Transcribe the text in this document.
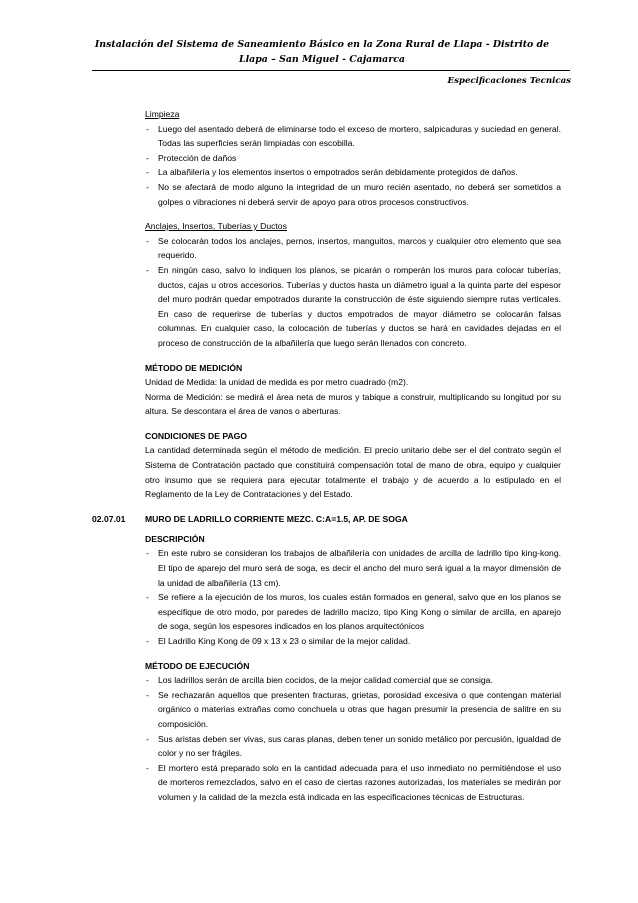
Instalación del Sistema de Saneamiento Básico en la Zona Rural de Llapa - Distrito de Llapa – San Miguel - Cajamarca
Especificaciones Tecnicas
Limpieza
- Luego del asentado deberá de eliminarse todo el exceso de mortero, salpicaduras y suciedad en general. Todas las superficies serán limpiadas con escobilla.
- Protección de daños
- La albañilería y los elementos insertos o empotrados serán debidamente protegidos de daños.
- No se afectará de modo alguno la integridad de un muro recién asentado, no deberá ser sometidos a golpes o vibraciones ni deberá servir de apoyo para otros procesos constructivos.
Anclajes, Insertos, Tuberías y Ductos
- Se colocarán todos los anclajes, pernos, insertos, manguitos, marcos y cualquier otro elemento que sea requerido.
- En ningún caso, salvo lo indiquen los planos, se picarán o romperán los muros para colocar tuberías, ductos, cajas u otros accesorios. Tuberías y ductos hasta un diámetro igual a la quinta parte del espesor del muro podrán quedar empotrados durante la construcción de éste siguiendo siempre rutas verticales. En caso de requerirse de tuberías y ductos empotrados de mayor diámetro se colocarán falsas columnas. En cualquier caso, la colocación de tuberías y ductos se hará en cavidades dejadas en el proceso de construcción de la albañilería que luego serán llenados con concreto.
MÉTODO DE MEDICIÓN

Unidad de Medida: la unidad de medida es por metro cuadrado (m2).

Norma de Medición: se medirá el área neta de muros y tabique a construir, multiplicando su longitud por su altura. Se descontara el área de vanos o aberturas.

CONDICIONES DE PAGO

La cantidad determinada según el método de medición. El precio unitario debe ser el del contrato según el Sistema de Contratación pactado que constituirá compensación total de mano de obra, equipo y cualquier otro insumo que se requiera para ejecutar totalmente el trabajo y de acuerdo a lo estipulado en el Reglamento de la Ley de Contrataciones y del Estado.

02.07.01 MURO DE LADRILLO CORRIENTE MEZC. C:A=1.5, AP. DE SOGA
DESCRIPCIÓN
- En este rubro se consideran los trabajos de albañilería con unidades de arcilla de ladrillo tipo king-kong. El tipo de aparejo del muro será de soga, es decir el ancho del muro será igual a la mayor dimensión de la unidad de albañilería (13 cm).
- Se refiere a la ejecución de los muros, los cuales están formados en general, salvo que en los planos se especifique de otro modo, por paredes de ladrillo macizo, tipo King Kong o similar de arcilla, en aparejo de soga, según los espesores indicados en los planos arquitectónicos
- El Ladrillo King Kong de 09 x 13 x 23 o similar de la mejor calidad.
MÉTODO DE EJECUCIÓN
- Los ladrillos serán de arcilla bien cocidos, de la mejor calidad comercial que se consiga.
- Se rechazarán aquellos que presenten fracturas, grietas, porosidad excesiva o que contengan material orgánico o materias extrañas como conchuela u otras que hagan presumir la presencia de salitre en su composición.
- Sus aristas deben ser vivas, sus caras planas, deben tener un sonido metálico por percusión, igualdad de color y no ser frágiles.
- El mortero está preparado solo en la cantidad adecuada para el uso inmediato no permitiéndose el uso de morteros remezclados, salvo en el caso de ciertas razones autorizadas, los materiales se medirán por volumen y la calidad de la mezcla está indicada en las especificaciones técnicas de Estructuras.
